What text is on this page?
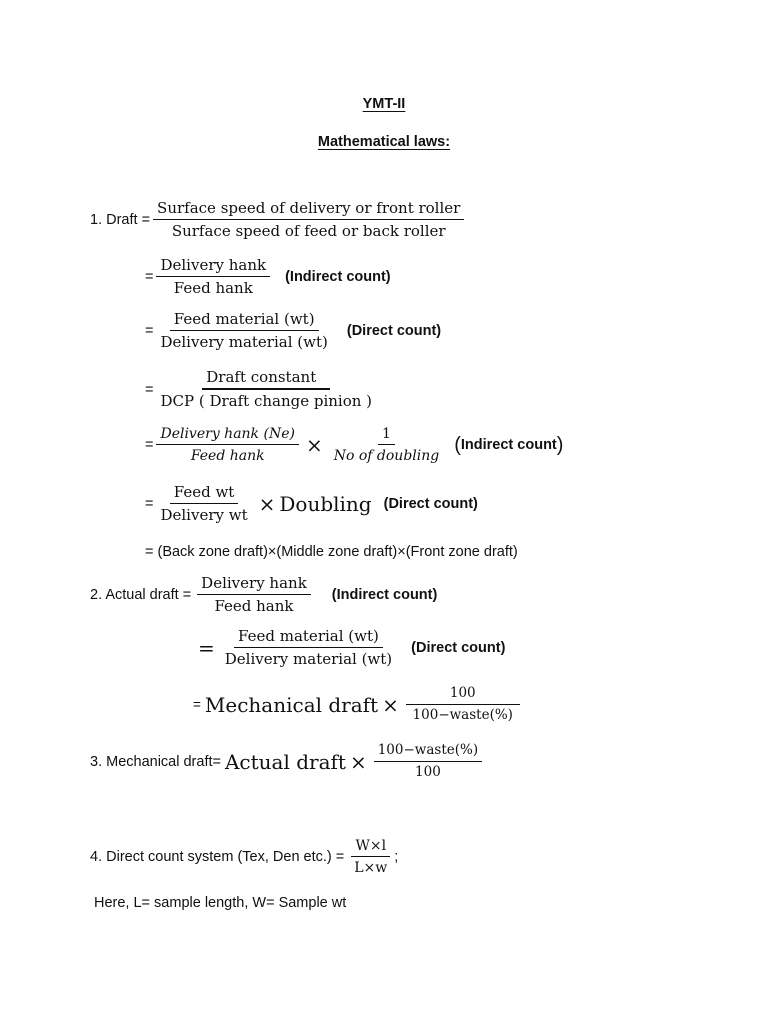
YMT-II
Mathematical laws:
1. Draft = $\frac{\text{Surface speed of delivery or front roller}}{\text{Surface speed of feed or back roller}}$
= $\frac{\text{Delivery hank}}{\text{Feed hank}}$ (Indirect count)
= $\frac{\text{Feed material (wt)}}{\text{Delivery material (wt)}}$ (Direct count)
= $\frac{\text{Draft constant}}{\text{DCP ( Draft change pinion )}}$
= $\frac{\text{Delivery hank (Ne)}}{\text{Feed hank}} \times \frac{1}{\text{No of doubling}}$ ( Indirect count )
= $\frac{\text{Feed wt}}{\text{Delivery wt}}$ × Doubling (Direct count)
= (Back zone draft)×(Middle zone draft)×(Front zone draft)
2. Actual draft = $\frac{\text{Delivery hank}}{\text{Feed hank}}$ (Indirect count)
= $\frac{\text{Feed material (wt)}}{\text{Delivery material (wt)}}$ (Direct count)
= Mechanical draft × $\frac{100}{\text{100−waste(\%)}}$
3. Mechanical draft= Actual draft × $\frac{\text{100−waste(\%)}}{100}$
4. Direct count system (Tex, Den $etc.) = \frac{W\times l}{L\times w}$ ;
Here, L= sample length, W= Sample wt
